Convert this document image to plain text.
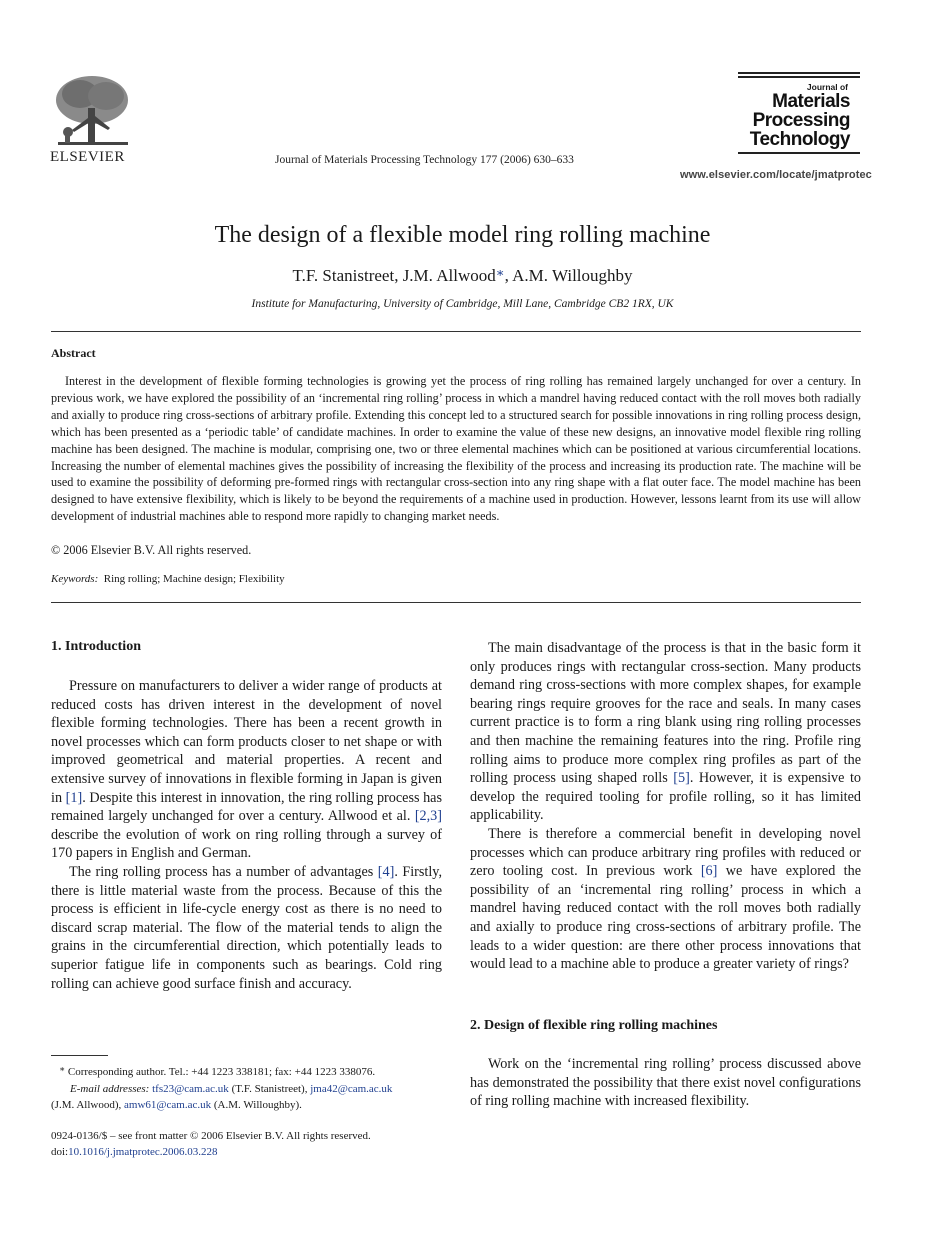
ELSEVIER	Journal of Materials Processing Technology 177 (2006) 630–633
Journal of
Materials
Processing
Technology
www.elsevier.com/locate/jmatprotec
The design of a flexible model ring rolling machine
T.F. Stanistreet, J.M. Allwood∗, A.M. Willoughby
Institute for Manufacturing, University of Cambridge, Mill Lane, Cambridge CB2 1RX, UK
Abstract

Interest in the development of flexible forming technologies is growing yet the process of ring rolling has remained largely unchanged for over a century. In previous work, we have explored the possibility of an ‘incremental ring rolling’ process in which a mandrel having reduced contact with the roll moves both radially and axially to produce ring cross-sections of arbitrary profile. Extending this concept led to a structured search for possible innovations in ring rolling process design, which has been presented as a ‘periodic table’ of candidate machines. In order to examine the value of these new designs, an innovative model flexible ring rolling machine has been designed. The machine is modular, comprising one, two or three elemental machines which can be positioned at various circumferential locations. Increasing the number of elemental machines gives the possibility of increasing the flexibility of the process and increasing its production rate. The machine will be used to examine the possibility of deforming pre-formed rings with rectangular cross-section into any ring shape with a flat outer face. The model machine has been designed to have extensive flexibility, which is likely to be beyond the requirements of a machine used in production. However, lessons learnt from its use will allow development of industrial machines able to respond more rapidly to changing market needs.

© 2006 Elsevier B.V. All rights reserved.
Keywords: Ring rolling; Machine design; Flexibility
1. Introduction

Pressure on manufacturers to deliver a wider range of products at reduced costs has driven interest in the development of novel flexible forming technologies. There has been a recent growth in novel processes which can form products closer to net shape or with improved geometrical and material properties. A recent and extensive survey of innovations in flexible forming in Japan is given in [1]. Despite this interest in innovation, the ring rolling process has remained largely unchanged for over a century. Allwood et al. [2,3] describe the evolution of work on ring rolling through a survey of 170 papers in English and German.

The ring rolling process has a number of advantages [4]. Firstly, there is little material waste from the process. Because of this the process is efficient in life-cycle energy cost as there is no need to discard scrap material. The flow of the material tends to align the grains in the circumferential direction, which potentially leads to superior fatigue life in components such as bearings. Cold ring rolling can achieve good surface finish and accuracy.

∗ Corresponding author. Tel.: +44 1223 338181; fax: +44 1223 338076.
E-mail addresses: tfs23@cam.ac.uk (T.F. Stanistreet), jma42@cam.ac.uk
(J.M. Allwood), amw61@cam.ac.uk (A.M. Willoughby).
0924-0136/$ – see front matter © 2006 Elsevier B.V. All rights reserved.
doi:10.1016/j.jmatprotec.2006.03.228

The main disadvantage of the process is that in the basic form it only produces rings with rectangular cross-section. Many products demand ring cross-sections with more complex shapes, for example bearing rings require grooves for the race and seals. In many cases current practice is to form a ring blank using ring rolling processes and then machine the remaining features into the ring. Profile ring rolling aims to produce more complex ring profiles as part of the rolling process using shaped rolls [5]. However, it is expensive to develop the required tooling for profile rolling, so it has limited applicability.

There is therefore a commercial benefit in developing novel processes which can produce arbitrary ring profiles with reduced or zero tooling cost. In previous work [6] we have explored the possibility of an ‘incremental ring rolling’ process in which a mandrel having reduced contact with the roll moves both radially and axially to produce ring cross-sections of arbitrary profile. The leads to a wider question: are there other process innovations that would lead to a machine able to produce a greater variety of rings?

2. Design of flexible ring rolling machines

Work on the ‘incremental ring rolling’ process discussed above has demonstrated the possibility that there exist novel configurations of ring rolling machine with increased flexibility.
